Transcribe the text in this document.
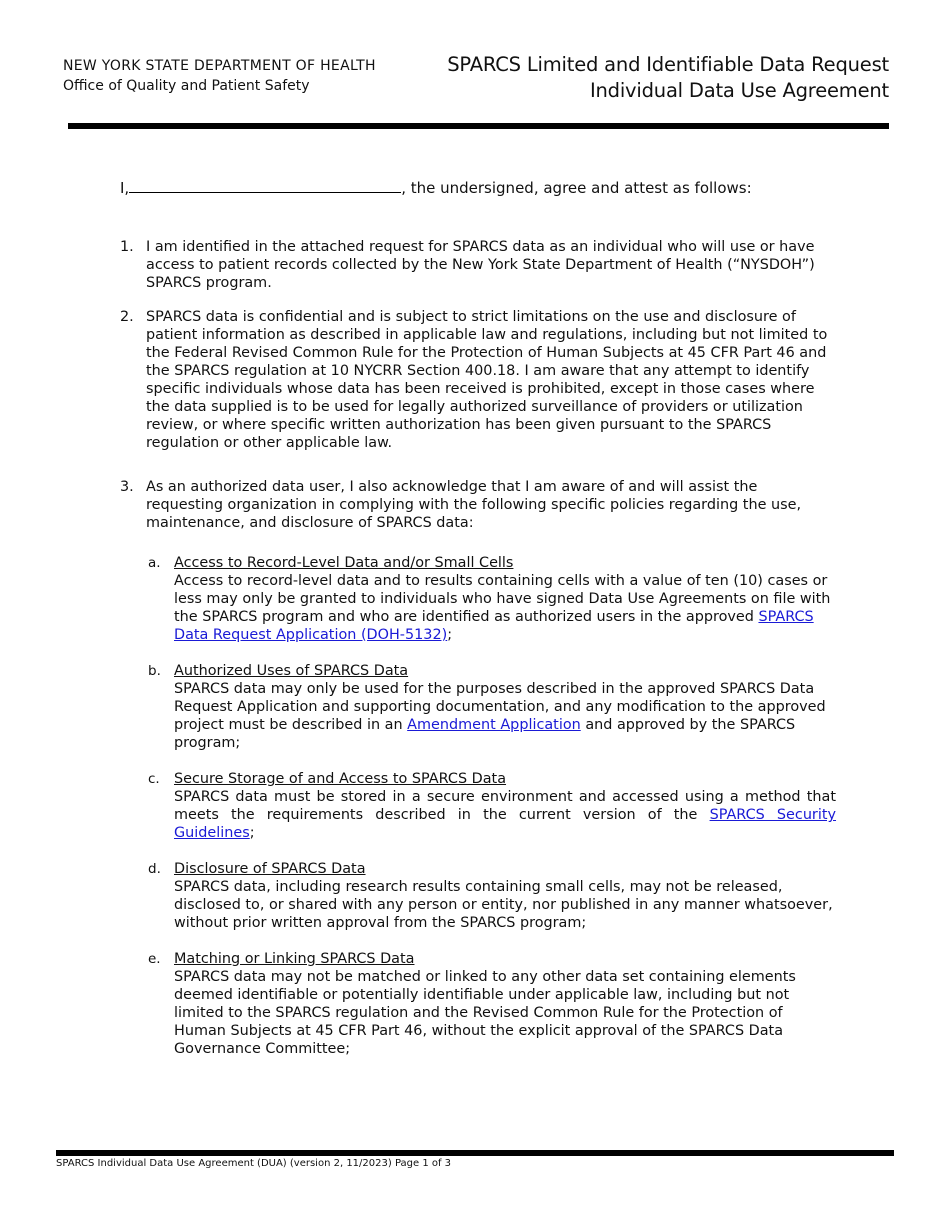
NEW YORK STATE DEPARTMENT OF HEALTH
Office of Quality and Patient Safety
SPARCS Limited and Identifiable Data Request
Individual Data Use Agreement
I,	, the undersigned, agree and attest as follows:
1. I am identified in the attached request for SPARCS data as an individual who will use or have access to patient records collected by the New York State Department of Health (“NYSDOH”) SPARCS program.
2. SPARCS data is confidential and is subject to strict limitations on the use and disclosure of patient information as described in applicable law and regulations, including but not limited to the Federal Revised Common Rule for the Protection of Human Subjects at 45 CFR Part 46 and the SPARCS regulation at 10 NYCRR Section 400.18. I am aware that any attempt to identify specific individuals whose data has been received is prohibited, except in those cases where the data supplied is to be used for legally authorized surveillance of providers or utilization review, or where specific written authorization has been given pursuant to the SPARCS regulation or other applicable law.
3. As an authorized data user, I also acknowledge that I am aware of and will assist the requesting organization in complying with the following specific policies regarding the use, maintenance, and disclosure of SPARCS data:
a. Access to Record-Level Data and/or Small Cells
Access to record-level data and to results containing cells with a value of ten (10) cases or less may only be granted to individuals who have signed Data Use Agreements on file with the SPARCS program and who are identified as authorized users in the approved SPARCS Data Request Application (DOH-5132);
b. Authorized Uses of SPARCS Data
SPARCS data may only be used for the purposes described in the approved SPARCS Data Request Application and supporting documentation, and any modification to the approved project must be described in an Amendment Application and approved by the SPARCS program;
c. Secure Storage of and Access to SPARCS Data
SPARCS data must be stored in a secure environment and accessed using a method that meets the requirements described in the current version of the SPARCS Security Guidelines;
d. Disclosure of SPARCS Data
SPARCS data, including research results containing small cells, may not be released, disclosed to, or shared with any person or entity, nor published in any manner whatsoever, without prior written approval from the SPARCS program;
e. Matching or Linking SPARCS Data
SPARCS data may not be matched or linked to any other data set containing elements deemed identifiable or potentially identifiable under applicable law, including but not limited to the SPARCS regulation and the Revised Common Rule for the Protection of Human Subjects at 45 CFR Part 46, without the explicit approval of the SPARCS Data Governance Committee;
SPARCS Individual Data Use Agreement (DUA) (version 2, 11/2023) Page 1 of 3
